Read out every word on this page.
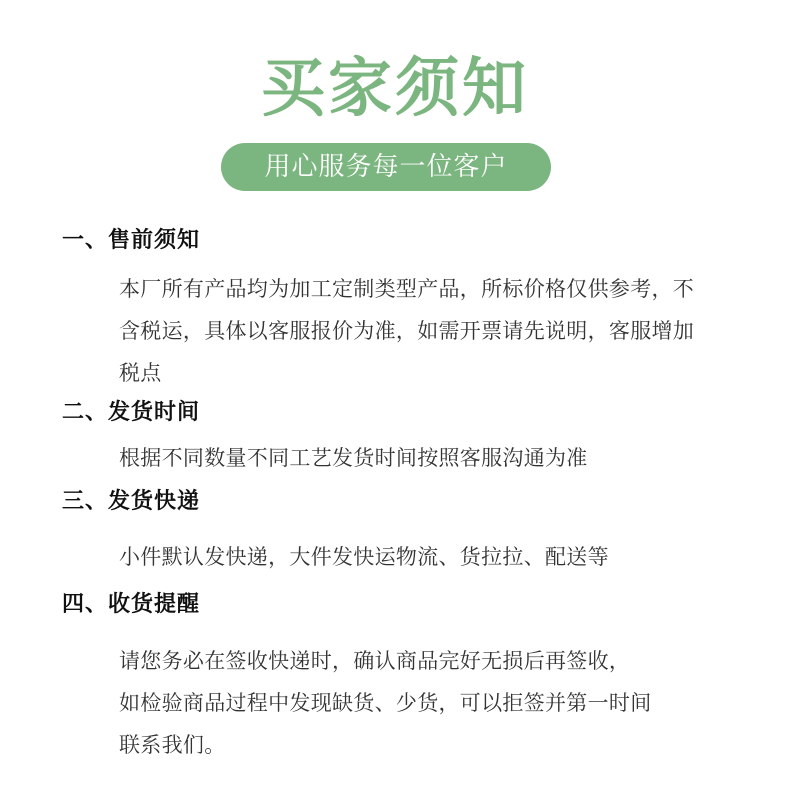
买家须知
用心服务每一位客户
一、售前须知
本厂所有产品均为加工定制类型产品，所标价格仅供参考，不
含税运，具体以客服报价为准，如需开票请先说明，客服增加
税点
二、发货时间
根据不同数量不同工艺发货时间按照客服沟通为准
三、发货快递
小件默认发快递，大件发快运物流、货拉拉、配送等
四、收货提醒
请您务必在签收快递时，确认商品完好无损后再签收，
如检验商品过程中发现缺货、少货，可以拒签并第一时间
联系我们。
